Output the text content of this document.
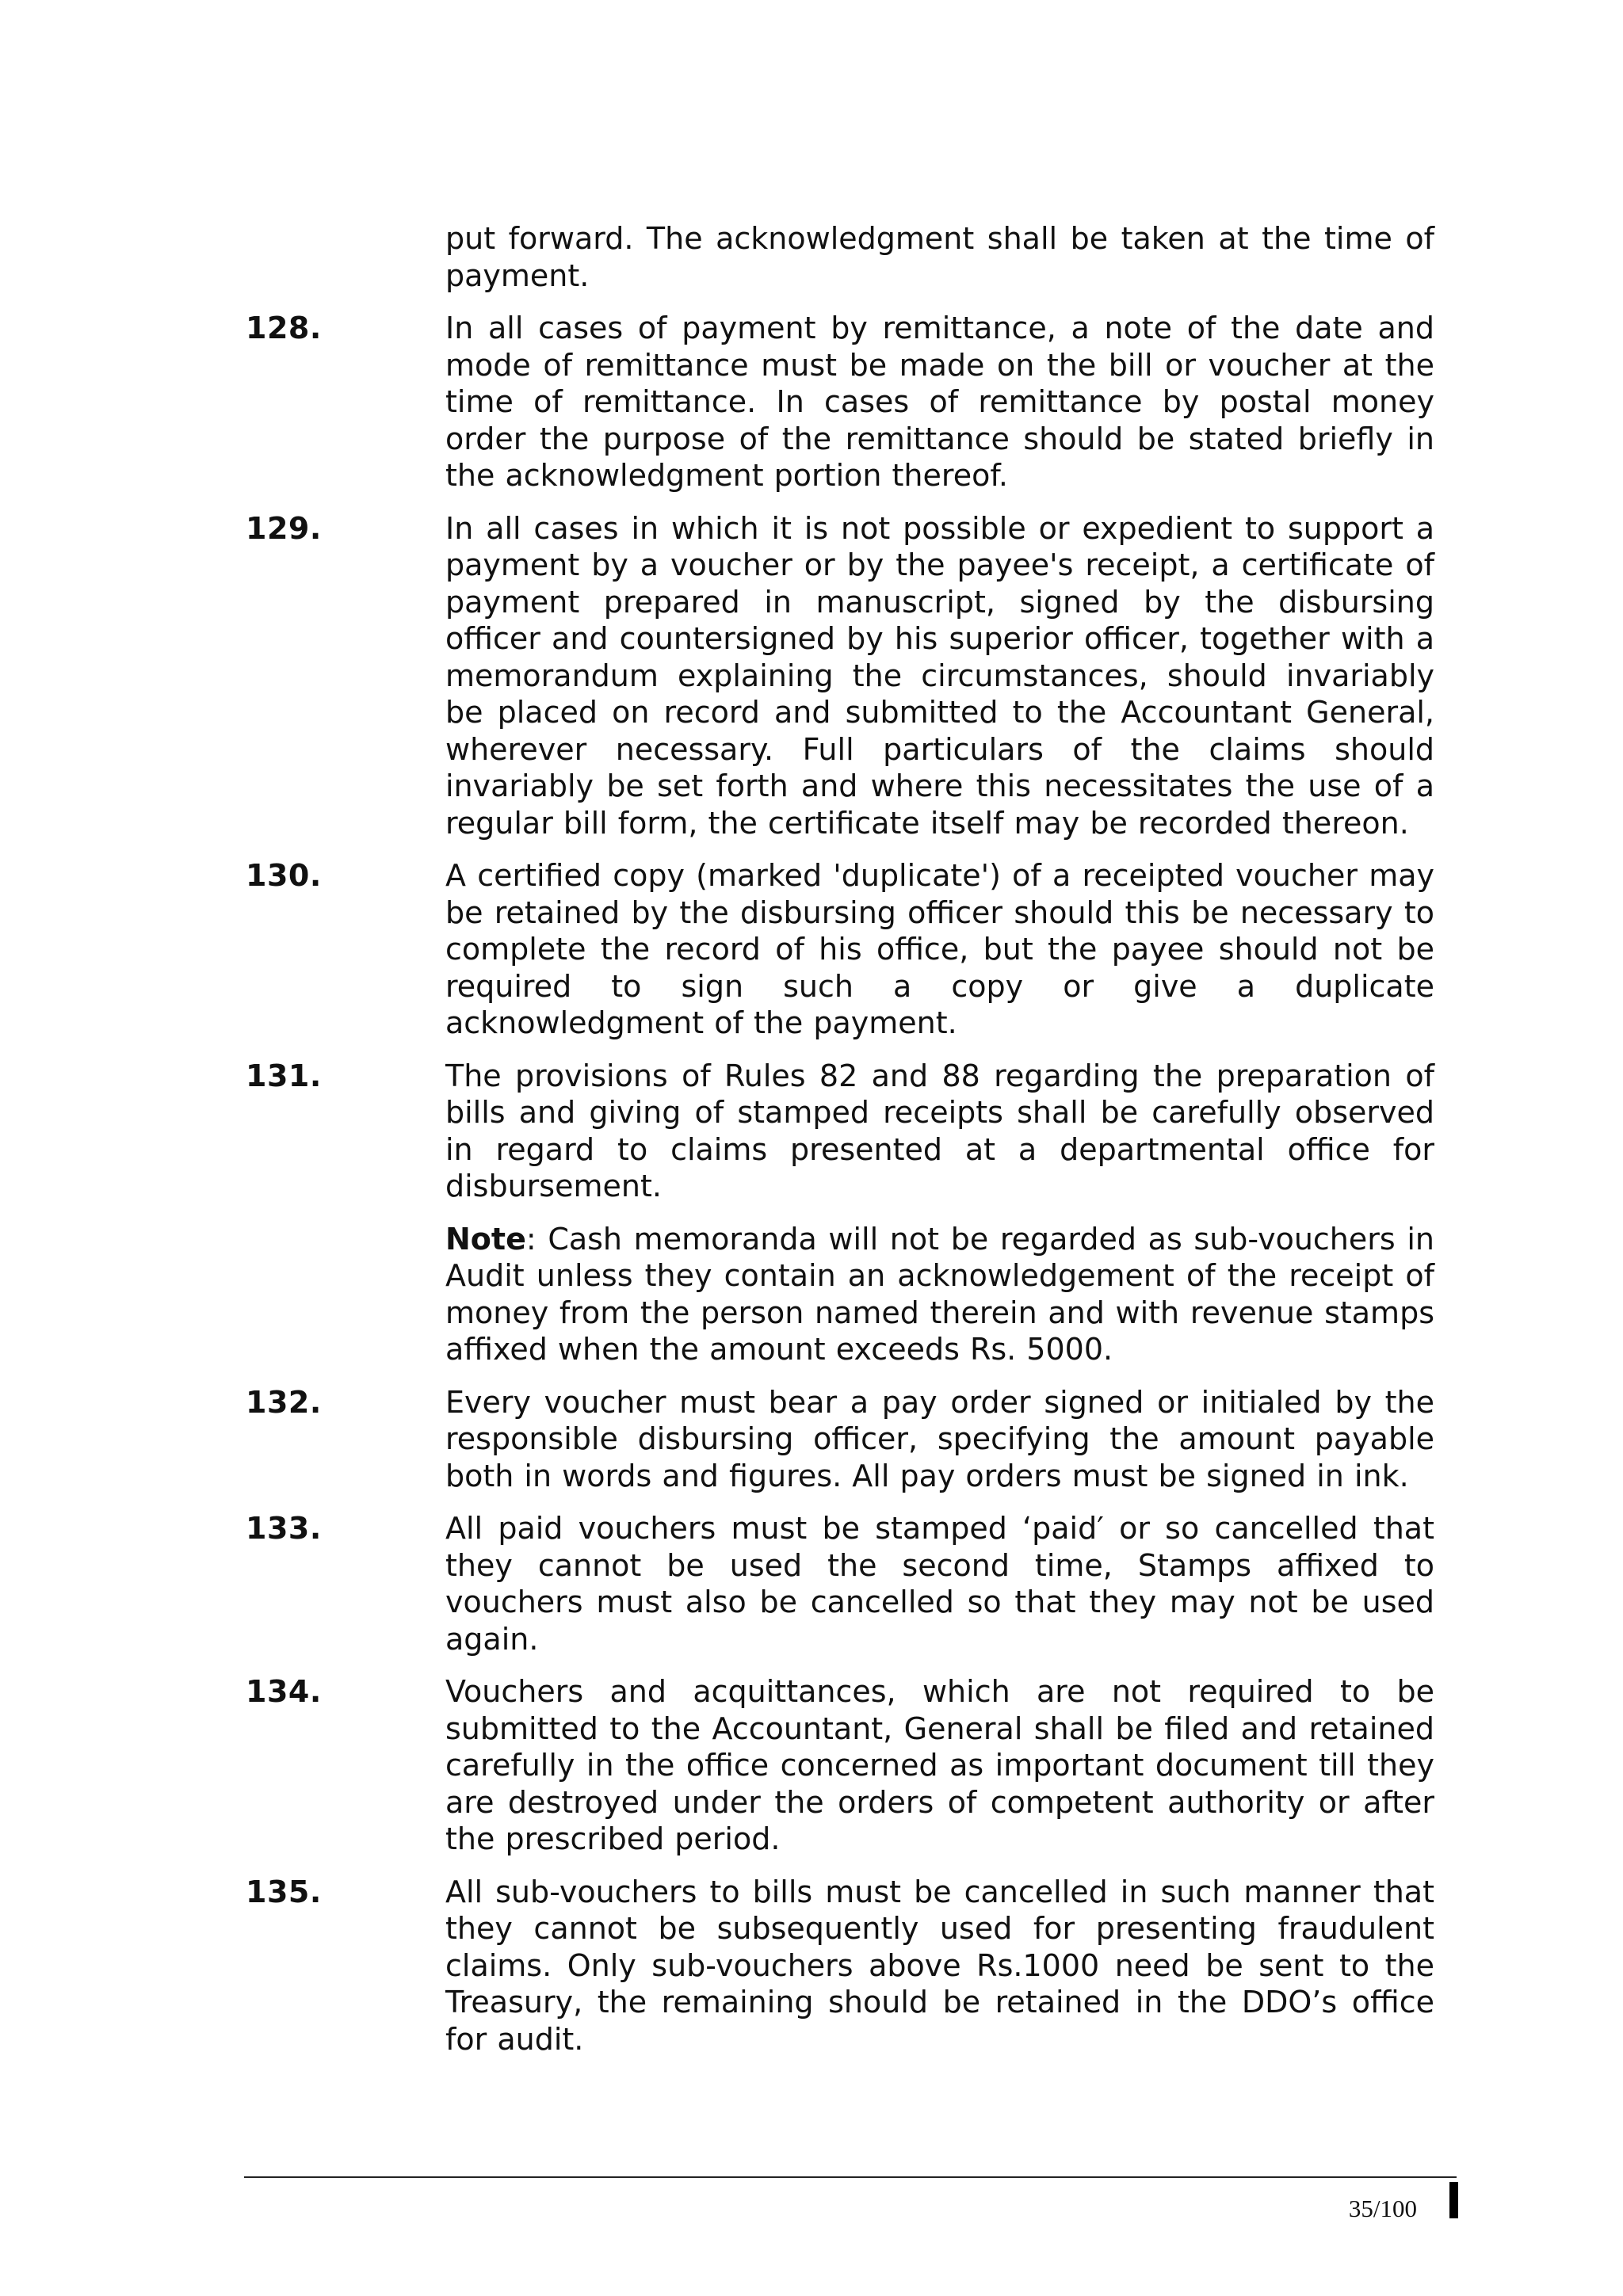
put forward. The acknowledgment shall be taken at the time of payment.
128.	In all cases of payment by remittance, a note of the date and mode of remittance must be made on the bill or voucher at the time of remittance. In cases of remittance by postal money order the purpose of the remittance should be stated briefly in the acknowledgment portion thereof.
129.	In all cases in which it is not possible or expedient to support a payment by a voucher or by the payee's receipt, a certificate of payment prepared in manuscript, signed by the disbursing officer and countersigned by his superior officer, together with a memorandum explaining the circumstances, should invariably be placed on record and submitted to the Accountant General, wherever necessary. Full particulars of the claims should invariably be set forth and where this necessitates the use of a regular bill form, the certificate itself may be recorded thereon.
130.	A certified copy (marked 'duplicate') of a receipted voucher may be retained by the disbursing officer should this be necessary to complete the record of his office, but the payee should not be required to sign such a copy or give a duplicate acknowledgment of the payment.
131.	The provisions of Rules 82 and 88 regarding the preparation of bills and giving of stamped receipts shall be carefully observed in regard to claims presented at a departmental office for disbursement.
Note: Cash memoranda will not be regarded as sub-vouchers in Audit unless they contain an acknowledgement of the receipt of money from the person named therein and with revenue stamps affixed when the amount exceeds Rs. 5000.
132.	Every voucher must bear a pay order signed or initialed by the responsible disbursing officer, specifying the amount payable both in words and figures. All pay orders must be signed in ink.
133.	All paid vouchers must be stamped ‘paid′ or so cancelled that they cannot be used the second time, Stamps affixed to vouchers must also be cancelled so that they may not be used again.
134.	Vouchers and acquittances, which are not required to be submitted to the Accountant, General shall be filed and retained carefully in the office concerned as important document till they are destroyed under the orders of competent authority or after the prescribed period.
135.	All sub-vouchers to bills must be cancelled in such manner that they cannot be subsequently used for presenting fraudulent claims. Only sub-vouchers above Rs.1000 need be sent to the Treasury, the remaining should be retained in the DDO’s office for audit.
35/100
